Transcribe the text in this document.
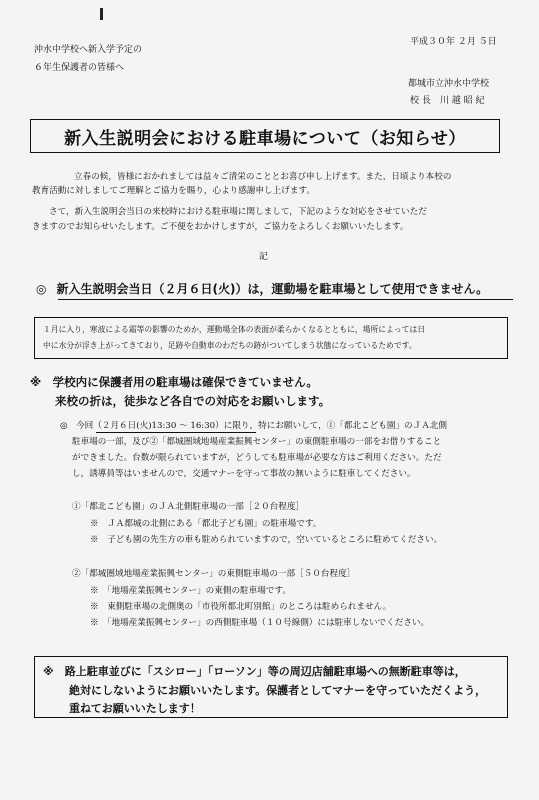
平成３０年 ２月 ５日
沖水中学校へ新入学予定の
６年生保護者の皆様へ
都城市立沖水中学校
校 長　川 越 昭 紀
新入生説明会における駐車場について（お知らせ）
立春の候，皆様におかれましては益々ご清栄のこととお喜び申し上げます。また，日頃より本校の
教育活動に対しましてご理解とご協力を賜り，心より感謝申し上げます。
さて，新入生説明会当日の来校時における駐車場に関しまして，下記のような対応をさせていただ
きますのでお知らせいたします。ご不便をおかけしますが，ご協力をよろしくお願いいたします。
記
◎ 新入生説明会当日（２月６日(火)）は，運動場を駐車場として使用できません。
１月に入り，寒波による霜等の影響のためか，運動場全体の表面が柔らかくなるとともに，場所によっては日
中に水分が浮き上がってきており，足跡や自動車のわだちの跡がついてしまう状態になっているためです。
※　学校内に保護者用の駐車場は確保できていません。
来校の折は，徒歩など各自での対応をお願いします。
◎　今回（２月６日(火)13:30 ～ 16:30）に限り，特にお願いして，①「都北こども園」のＪＡ北側
駐車場の一部，及び②「都城圏域地場産業振興センター」の東側駐車場の一部をお借りすること
ができました。台数が限られていますが，どうしても駐車場が必要な方はご利用ください。ただ
し，誘導員等はいませんので，交通マナーを守って事故の無いように駐車してください。
①「都北こども園」のＪＡ北側駐車場の一部［２０台程度］
※　ＪＡ都城の北側にある「都北子ども園」の駐車場です。
※　子ども園の先生方の車も駐められていますので，空いているところに駐めてください。
②「都城圏域地場産業振興センター」の東側駐車場の一部［５０台程度］
※　「地場産業振興センター」の東側の駐車場です。
※　東側駐車場の北側奥の「市役所都北町別館」のところは駐められません。
※　「地場産業振興センター」の西側駐車場（１０号線側）には駐車しないでください。
※　路上駐車並びに「スシロー」「ローソン」等の周辺店舗駐車場への無断駐車等は，
絶対にしないようにお願いいたします。保護者としてマナーを守っていただくよう，
重ねてお願いいたします！
